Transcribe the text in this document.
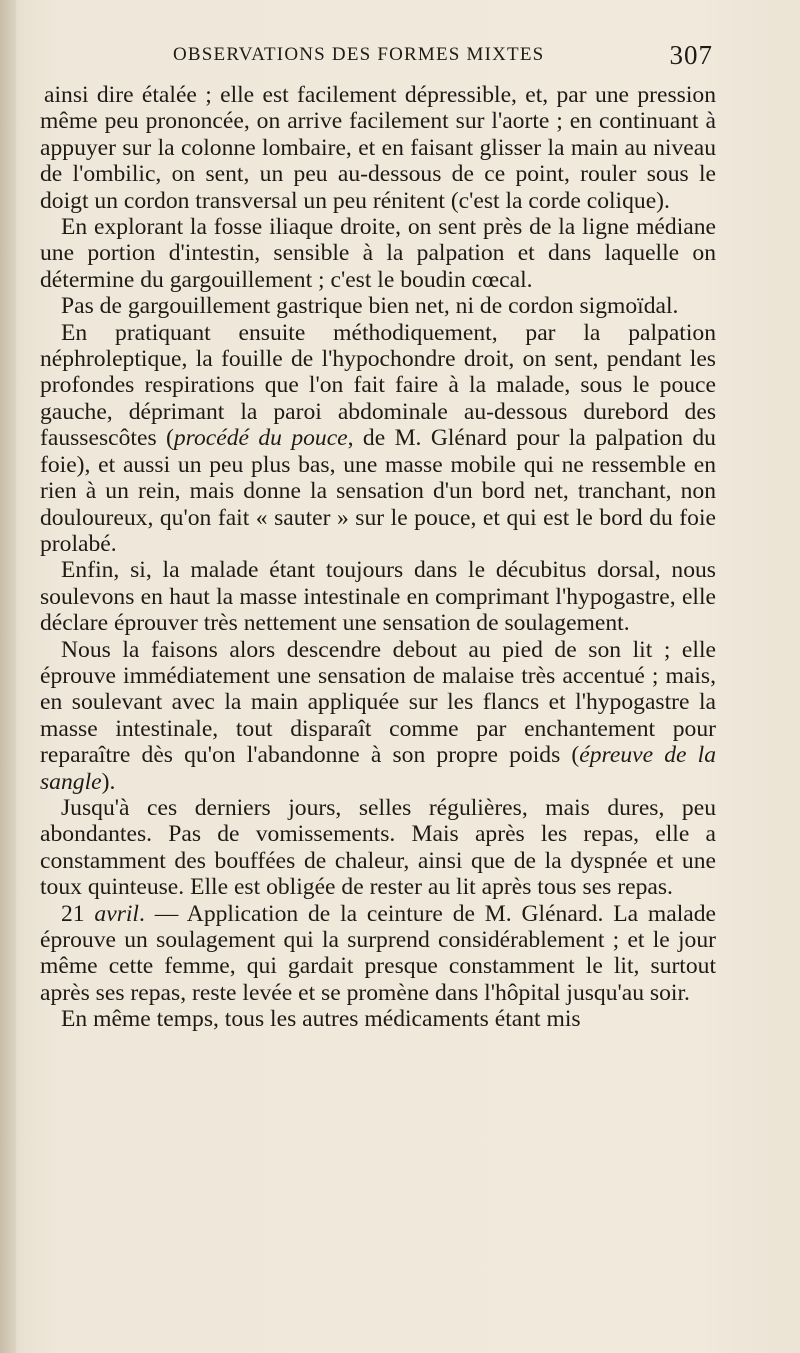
OBSERVATIONS DES FORMES MIXTES	307

ainsi dire étalée ; elle est facilement dépressible, et, par une pression même peu prononcée, on arrive facilement sur l'aorte ; en continuant à appuyer sur la colonne lombaire, et en faisant glisser la main au niveau de l'ombilic, on sent, un peu au-dessous de ce point, rouler sous le doigt un cordon transversal un peu rénitent (c'est la corde colique).

En explorant la fosse iliaque droite, on sent près de la ligne médiane une portion d'intestin, sensible à la palpation et dans laquelle on détermine du gargouillement ; c'est le boudin cœcal.

Pas de gargouillement gastrique bien net, ni de cordon sigmoïdal.

En pratiquant ensuite méthodiquement, par la palpation néphroleptique, la fouille de l'hypochondre droit, on sent, pendant les profondes respirations que l'on fait faire à la malade, sous le pouce gauche, déprimant la paroi abdominale au-dessous durebord des faussescôtes (procédé du pouce, de M. Glénard pour la palpation du foie), et aussi un peu plus bas, une masse mobile qui ne ressemble en rien à un rein, mais donne la sensation d'un bord net, tranchant, non douloureux, qu'on fait « sauter » sur le pouce, et qui est le bord du foie prolabé.

Enfin, si, la malade étant toujours dans le décubitus dorsal, nous soulevons en haut la masse intestinale en comprimant l'hypogastre, elle déclare éprouver très nettement une sensation de soulagement.

Nous la faisons alors descendre debout au pied de son lit ; elle éprouve immédiatement une sensation de malaise très accentué ; mais, en soulevant avec la main appliquée sur les flancs et l'hypogastre la masse intestinale, tout disparaît comme par enchantement pour reparaître dès qu'on l'abandonne à son propre poids (épreuve de la sangle).

Jusqu'à ces derniers jours, selles régulières, mais dures, peu abondantes. Pas de vomissements. Mais après les repas, elle a constamment des bouffées de chaleur, ainsi que de la dyspnée et une toux quinteuse. Elle est obligée de rester au lit après tous ses repas.

21 avril. — Application de la ceinture de M. Glénard. La malade éprouve un soulagement qui la surprend considérablement ; et le jour même cette femme, qui gardait presque constamment le lit, surtout après ses repas, reste levée et se promène dans l'hôpital jusqu'au soir.

En même temps, tous les autres médicaments étant mis
